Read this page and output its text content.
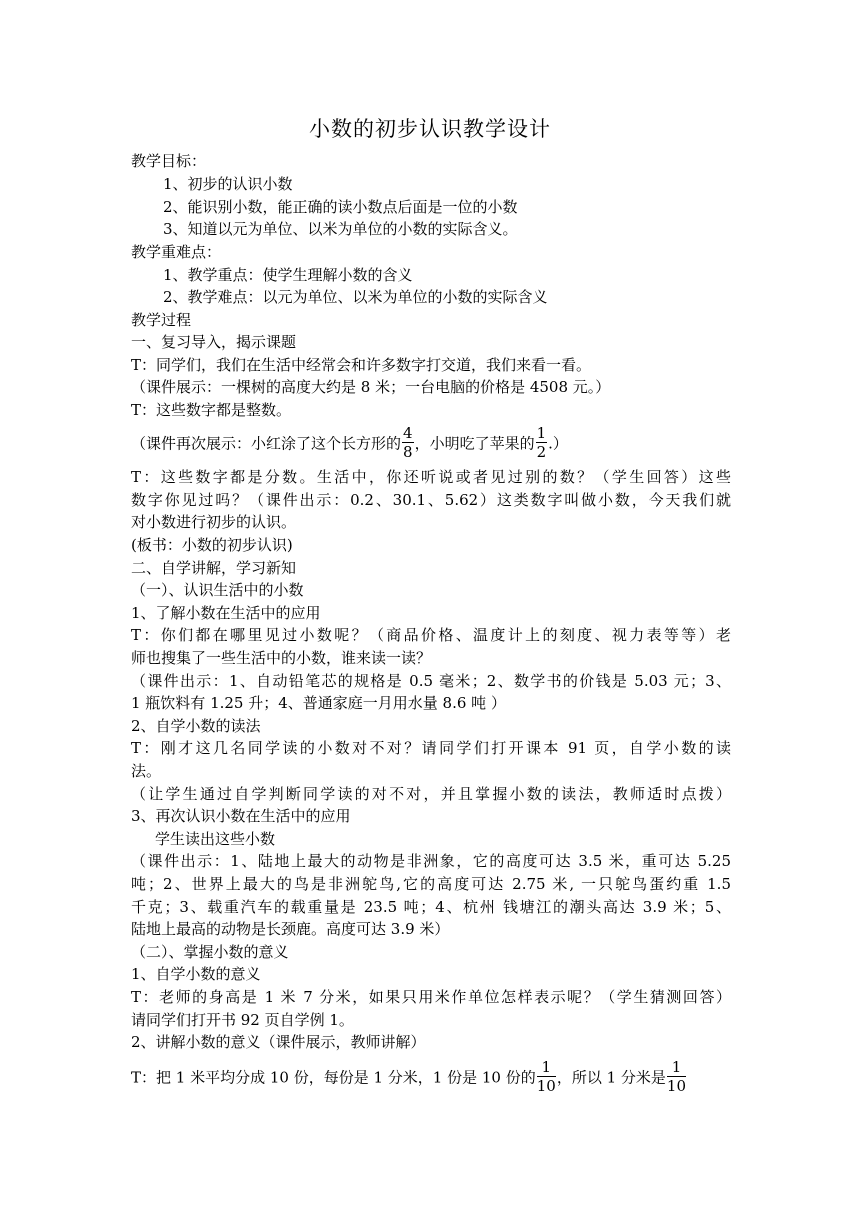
小数的初步认识教学设计
教学目标：
1、初步的认识小数
2、能识别小数，能正确的读小数点后面是一位的小数
3、知道以元为单位、以米为单位的小数的实际含义。
教学重难点：
1、教学重点：使学生理解小数的含义
2、教学难点：以元为单位、以米为单位的小数的实际含义
教学过程
一、复习导入，揭示课题
T：同学们，我们在生活中经常会和许多数字打交道，我们来看一看。
（课件展示：一棵树的高度大约是 8 米；一台电脑的价格是 4508 元。）
T：这些数字都是整数。
（课件再次展示：小红涂了这个长方形的 $\frac{4}{8}$ ，小明吃了苹果的 $\frac{1}{2}$ .）
T：这些数字都是分数。生活中，你还听说或者见过别的数？（学生回答）这些
数字你见过吗？（课件出示：0.2、30.1、5.62）这类数字叫做小数，今天我们就
对小数进行初步的认识。
(板书：小数的初步认识)
二、自学讲解，学习新知
（一）、认识生活中的小数
1、了解小数在生活中的应用
T：你们都在哪里见过小数呢？（商品价格、温度计上的刻度、视力表等等）老
师也搜集了一些生活中的小数，谁来读一读？
（课件出示：1、自动铅笔芯的规格是 0.5 毫米；2、数学书的价钱是 5.03 元；3、
1 瓶饮料有 1.25 升；4、普通家庭一月用水量 8.6 吨 ）
2、自学小数的读法
T：刚才这几名同学读的小数对不对？请同学们打开课本 91 页，自学小数的读
法。
（让学生通过自学判断同学读的对不对，并且掌握小数的读法，教师适时点拨）
3、再次认识小数在生活中的应用
学生读出这些小数
（课件出示：1、陆地上最大的动物是非洲象，它的高度可达 3.5 米，重可达 5.25
吨；2、世界上最大的鸟是非洲鸵鸟,它的高度可达 2.75 米, 一只鸵鸟蛋约重 1.5
千克；3、载重汽车的载重量是 23.5 吨；4、杭州 钱塘江的潮头高达 3.9 米；5、
陆地上最高的动物是长颈鹿。高度可达 3.9 米）
（二）、掌握小数的意义
1、自学小数的意义
T：老师的身高是 1 米 7 分米，如果只用米作单位怎样表示呢？（学生猜测回答）
请同学们打开书 92 页自学例 1。
2、讲解小数的意义（课件展示，教师讲解）
T：把 1 米平均分成 10 份，每份是 1 分米，1 份是 10 份的 $\frac{1}{10}$ ，所以 1 分米是 $\frac{1}{10}$
